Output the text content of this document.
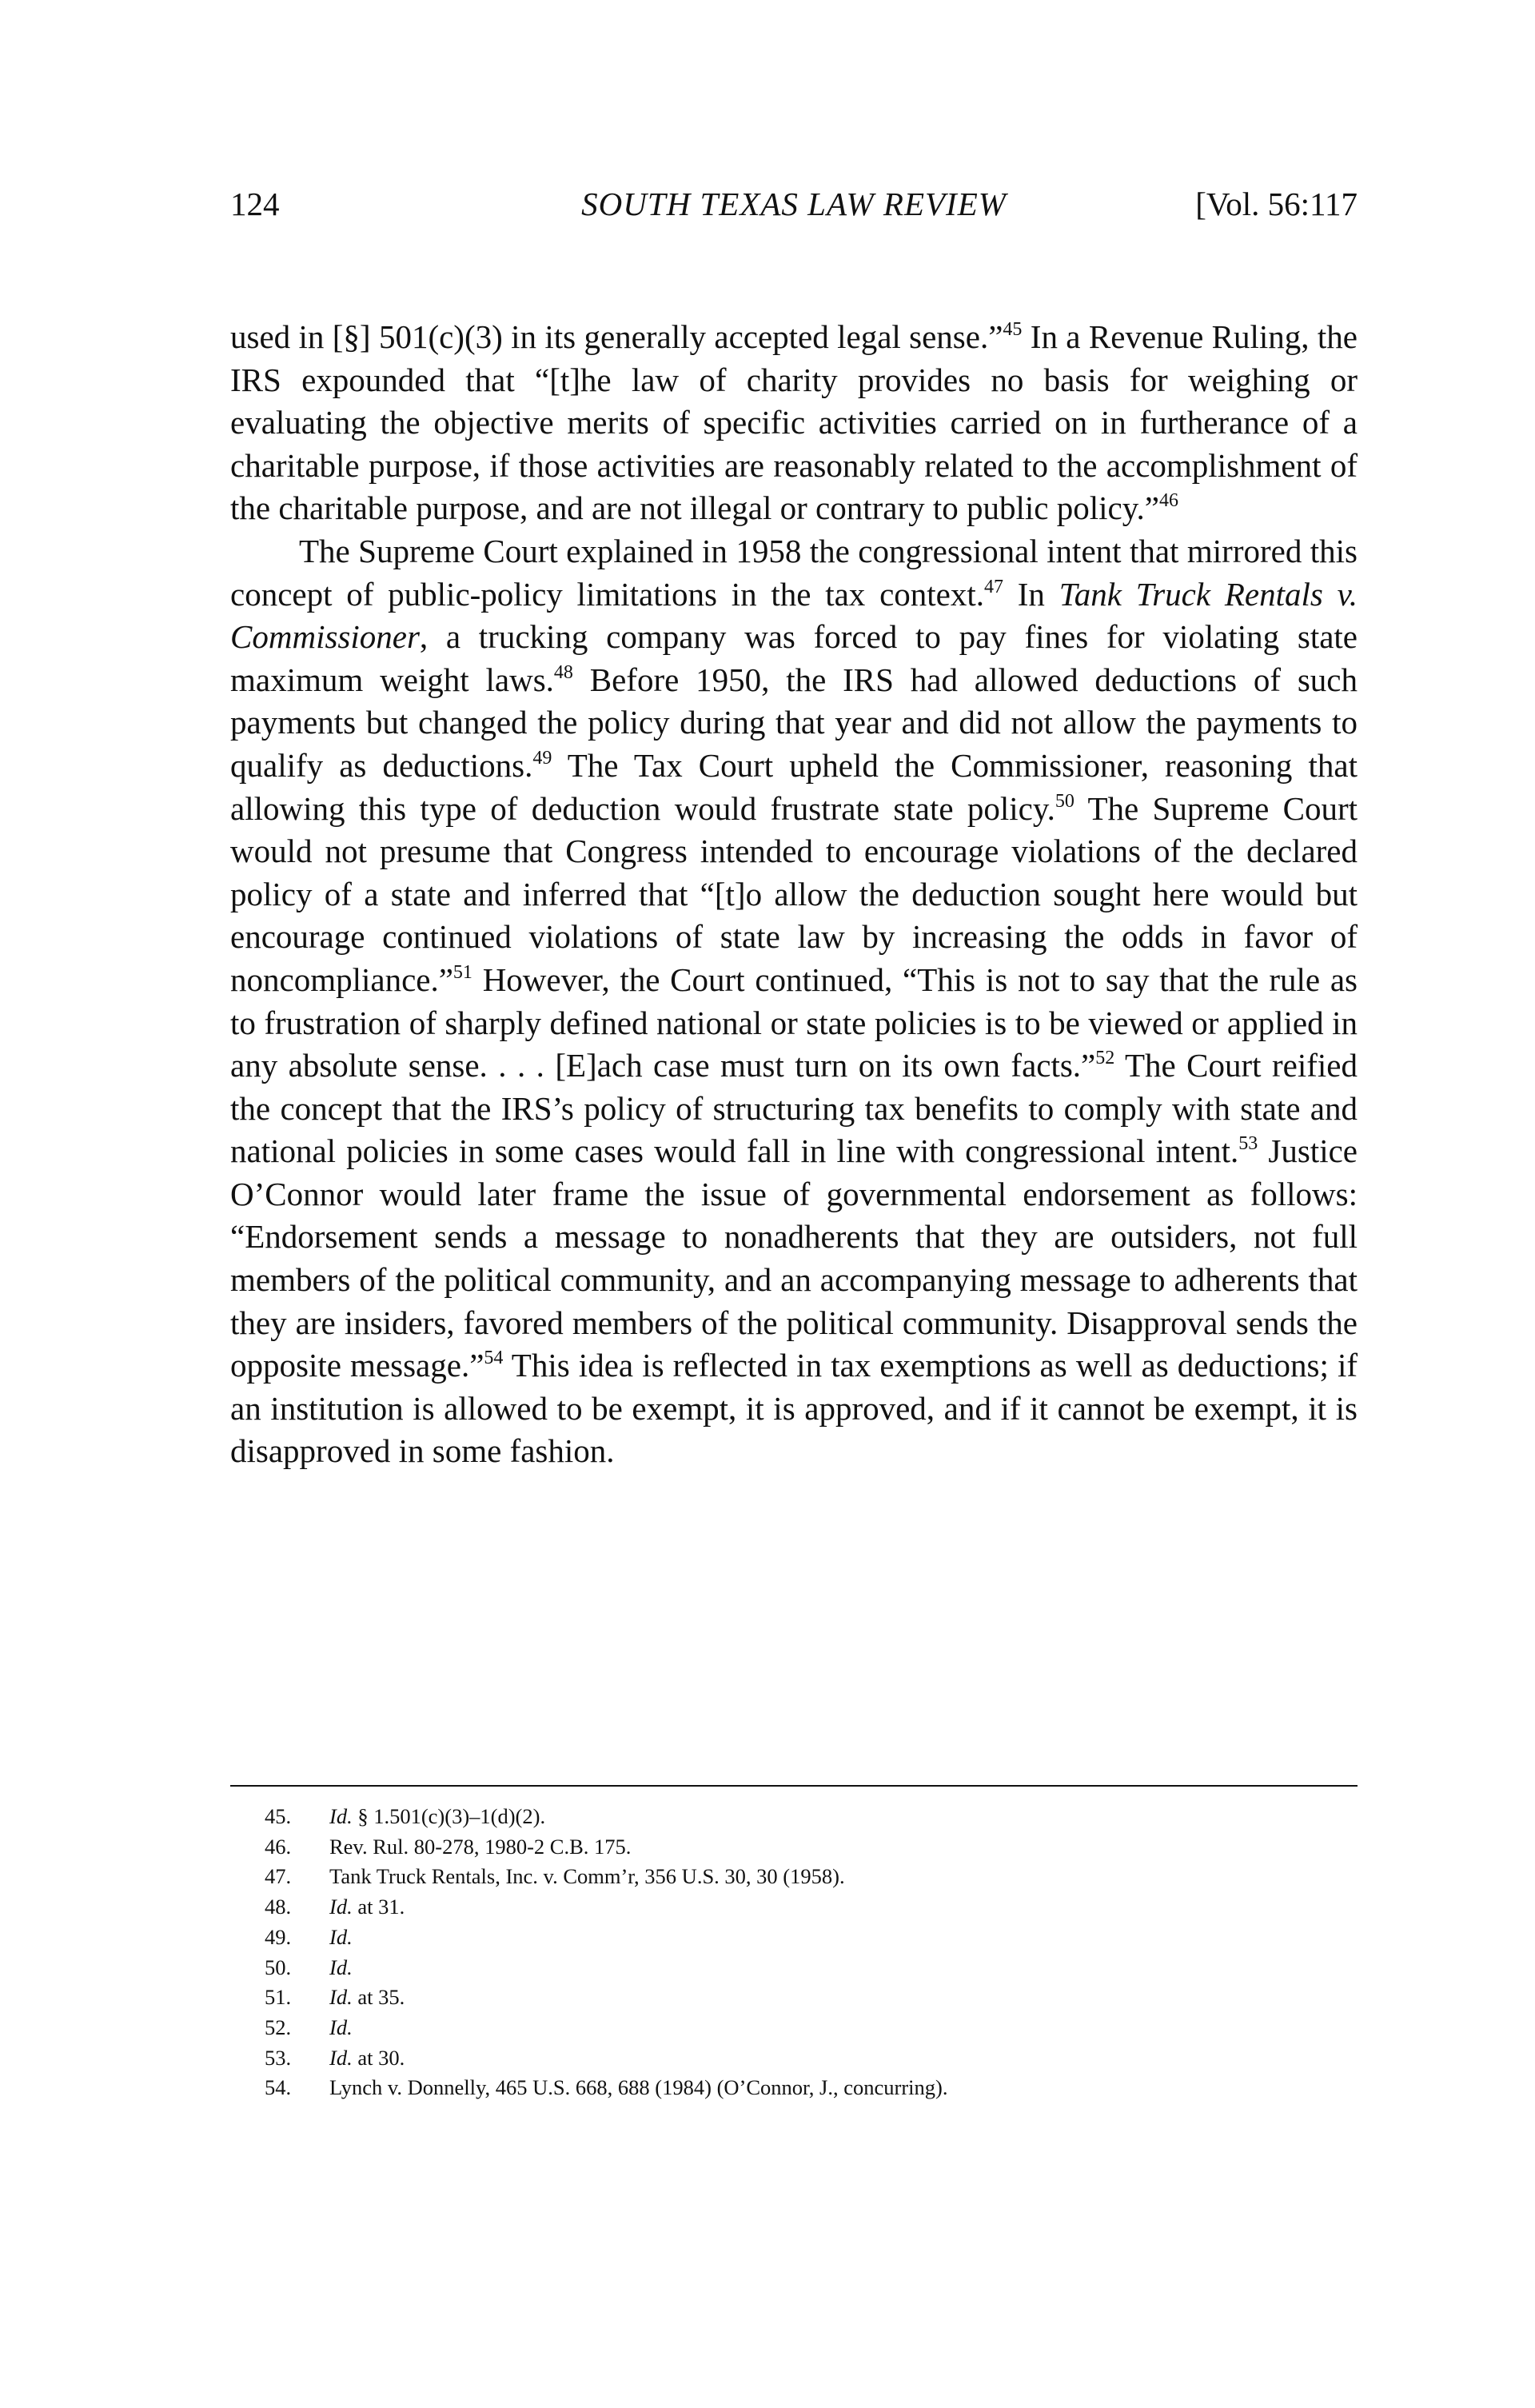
124	SOUTH TEXAS LAW REVIEW	[Vol. 56:117

used in [§] 501(c)(3) in its generally accepted legal sense.”$^{45}$ In a Revenue Ruling, the IRS expounded that “[t]he law of charity provides no basis for weighing or evaluating the objective merits of specific activities carried on in furtherance of a charitable purpose, if those activities are reasonably related to the accomplishment of the charitable purpose, and are not illegal or contrary to public policy.”$^{46}$

The Supreme Court explained in 1958 the congressional intent that mirrored this concept of public-policy limitations in the tax context.$^{47}$ In Tank Truck Rentals v. Commissioner, a trucking company was forced to pay fines for violating state maximum weight laws.$^{48}$ Before 1950, the IRS had allowed deductions of such payments but changed the policy during that year and did not allow the payments to qualify as deductions.$^{49}$ The Tax Court upheld the Commissioner, reasoning that allowing this type of deduction would frustrate state policy.$^{50}$ The Supreme Court would not presume that Congress intended to encourage violations of the declared policy of a state and inferred that “[t]o allow the deduction sought here would but encourage continued violations of state law by increasing the odds in favor of noncompliance.”$^{51}$ However, the Court continued, “This is not to say that the rule as to frustration of sharply defined national or state policies is to be viewed or applied in any absolute sense. . . . [E]ach case must turn on its own facts.”$^{52}$ The Court reified the concept that the IRS’s policy of structuring tax benefits to comply with state and national policies in some cases would fall in line with congressional intent.$^{53}$ Justice O’Connor would later frame the issue of governmental endorsement as follows: “Endorsement sends a message to nonadherents that they are outsiders, not full members of the political community, and an accompanying message to adherents that they are insiders, favored members of the political community. Disapproval sends the opposite message.”$^{54}$ This idea is reflected in tax exemptions as well as deductions; if an institution is allowed to be exempt, it is approved, and if it cannot be exempt, it is disapproved in some fashion.

45.	Id. § 1.501(c)(3)–1(d)(2).
46.	Rev. Rul. 80-278, 1980-2 C.B. 175.
47.	Tank Truck Rentals, Inc. v. Comm’r, 356 U.S. 30, 30 (1958).
48.	Id. at 31.
49.	Id.
50.	Id.
51.	Id. at 35.
52.	Id.
53.	Id. at 30.
54.	Lynch v. Donnelly, 465 U.S. 668, 688 (1984) (O’Connor, J., concurring).
